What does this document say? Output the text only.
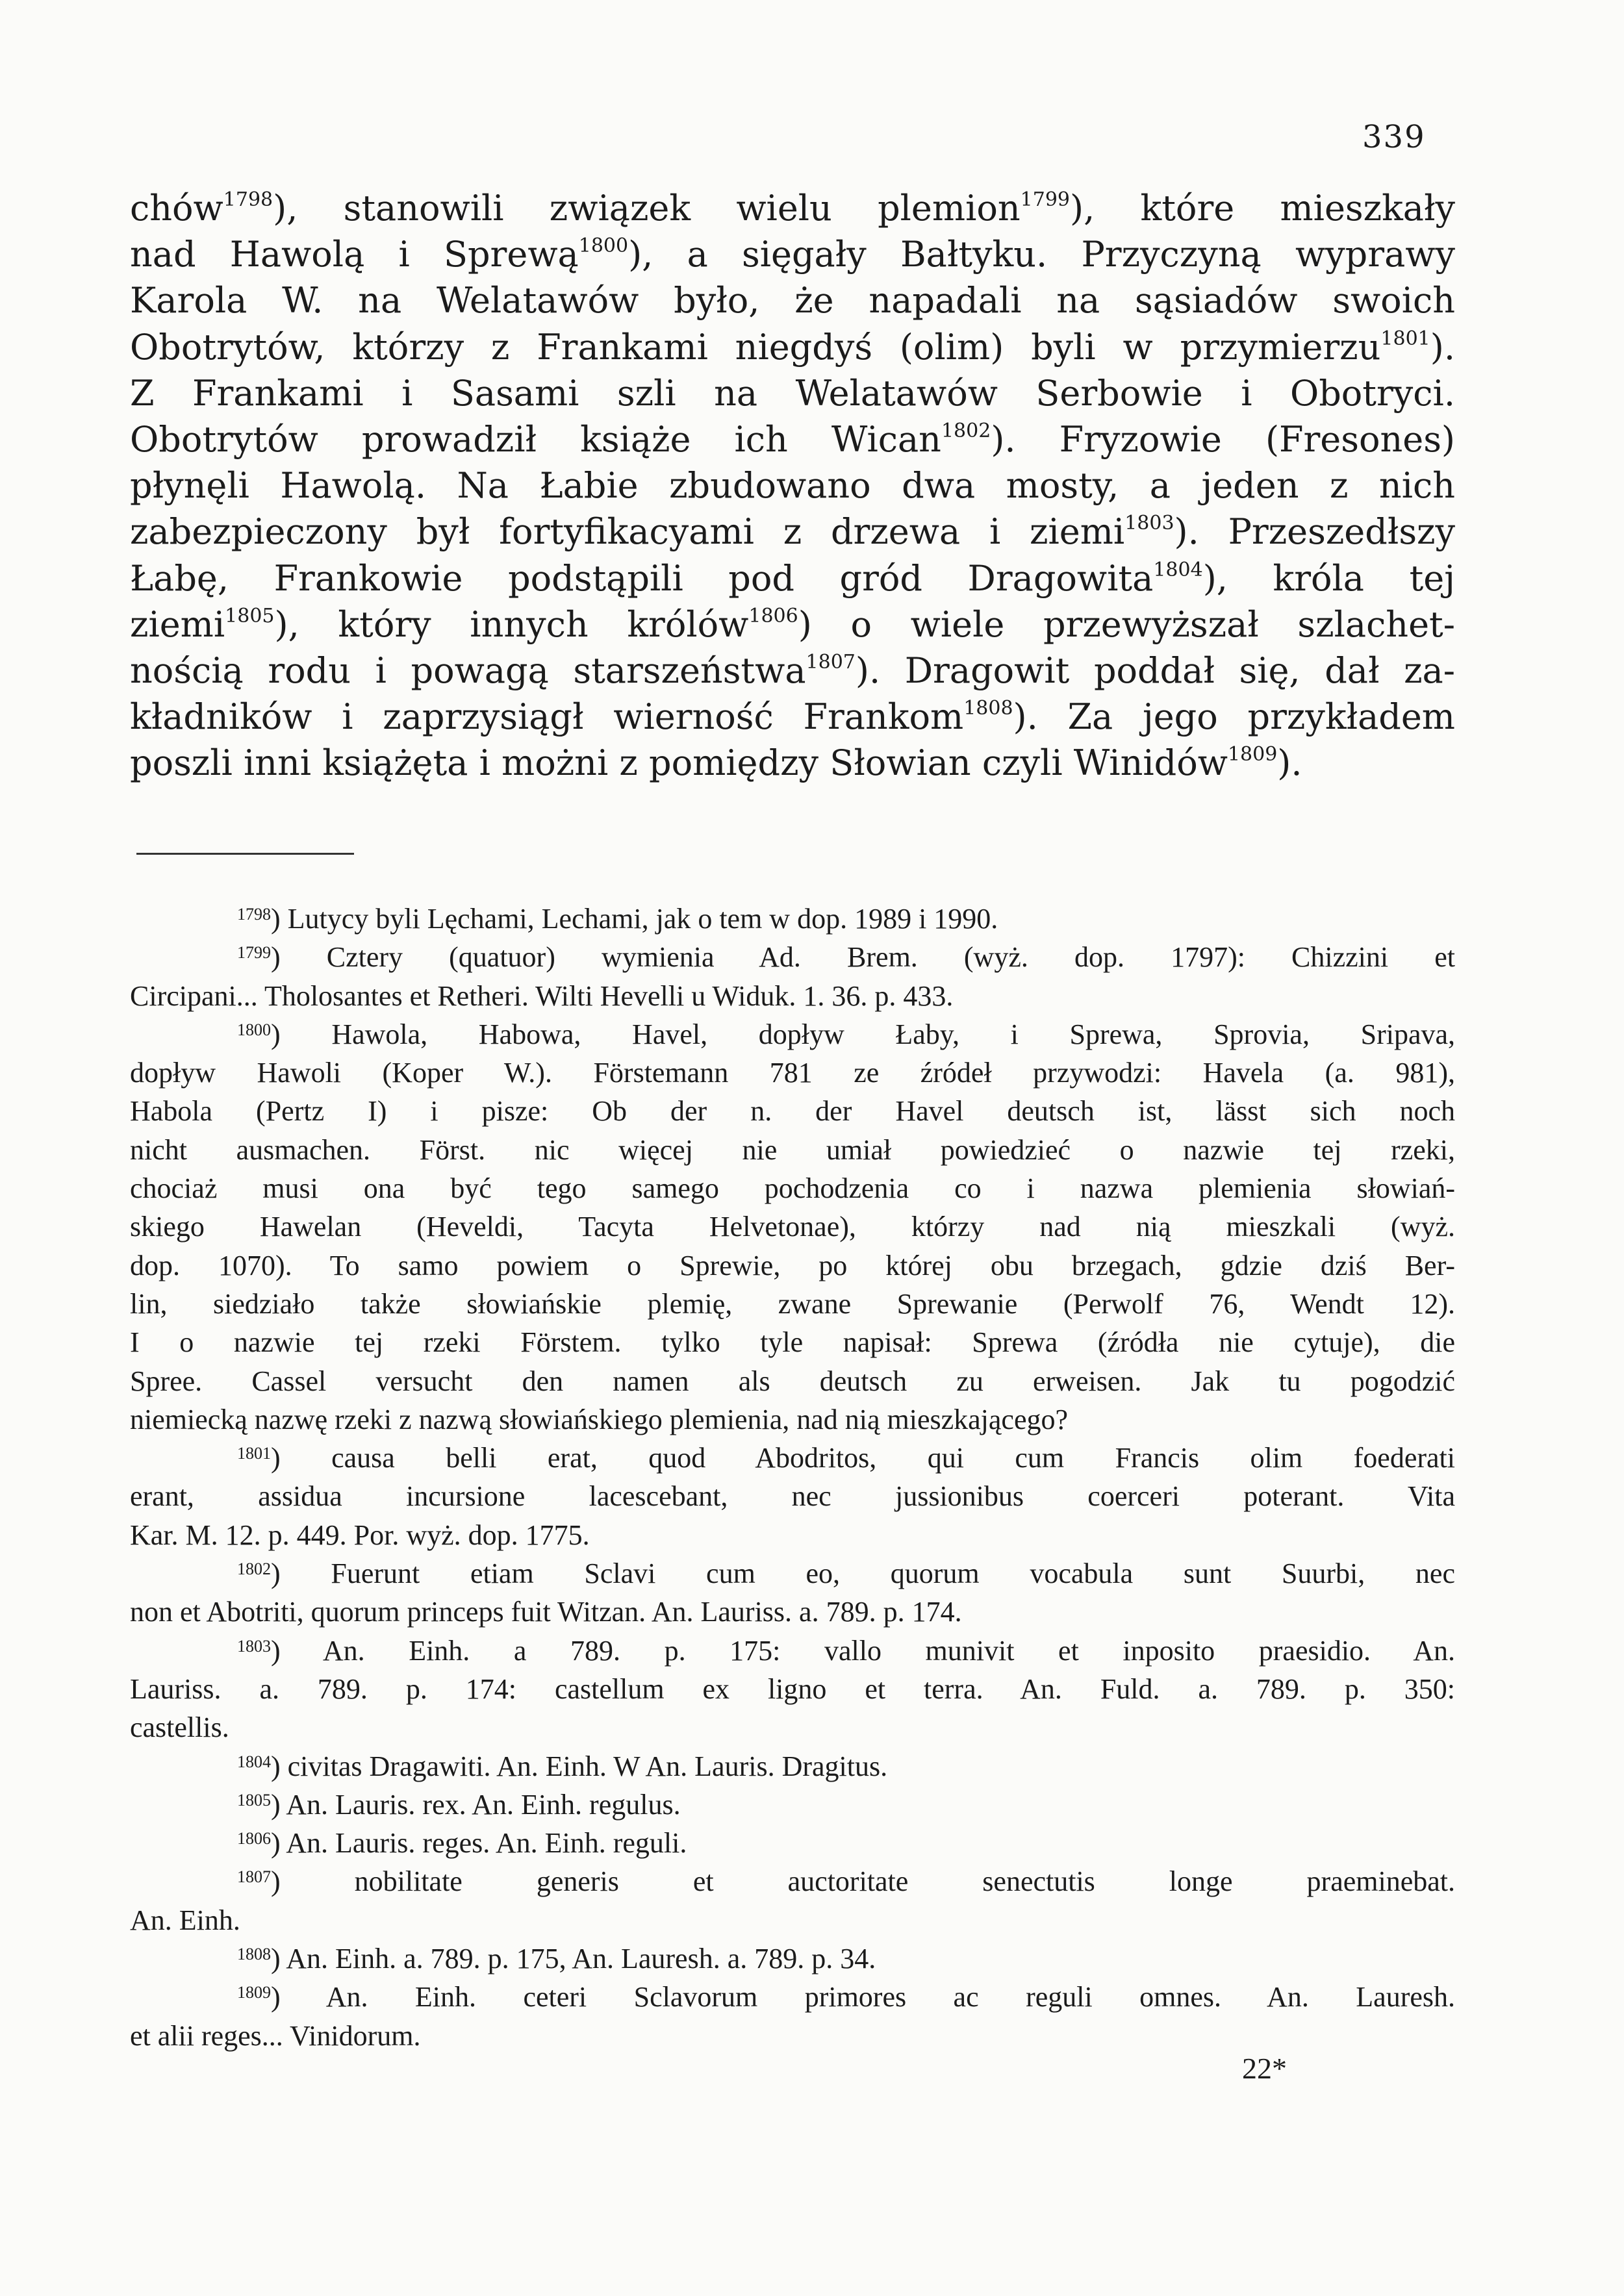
339
chów$^{1798}$), stanowili związek wielu plemion$^{1799}$), które mieszkały
nad Hawolą i Sprewą$^{1800}$), a sięgały Bałtyku. Przyczyną wyprawy
Karola W. na Welatawów było, że napadali na sąsiadów swoich
Obotrytów, którzy z Frankami niegdyś (olim) byli w przymierzu$^{1801}$).
Z Frankami i Sasami szli na Welatawów Serbowie i Obotryci.
Obotrytów prowadził książe ich Wican$^{1802}$). Fryzowie (Fresones)
płynęli Hawolą. Na Łabie zbudowano dwa mosty, a jeden z nich
zabezpieczony był fortyfikacyami z drzewa i ziemi$^{1803}$). Przeszedłszy
Łabę, Frankowie podstąpili pod gród Dragowita$^{1804}$), króla tej
ziemi$^{1805}$), który innych królów$^{1806}$) o wiele przewyższał szlachet-
nością rodu i powagą starszeństwa$^{1807}$). Dragowit poddał się, dał za-
kładników i zaprzysiągł wierność Frankom$^{1808}$). Za jego przykładem
poszli inni książęta i możni z pomiędzy Słowian czyli Winidów$^{1809}$).
$^{1798}$) Lutycy byli Lęchami, Lechami, jak o tem w dop. 1989 i 1990.
$^{1799}$) Cztery (quatuor) wymienia Ad. Brem. (wyż. dop. 1797): Chizzini et
Circipani... Tholosantes et Retheri. Wilti Hevelli u Widuk. 1. 36. p. 433.
$^{1800}$) Hawola, Habowa, Havel, dopływ Łaby, i Sprewa, Sprovia, Sripava,
dopływ Hawoli (Koper W.). Förstemann 781 ze źródeł przywodzi: Havela (a. 981),
Habola (Pertz I) i pisze: Ob der n. der Havel deutsch ist, lässt sich noch
nicht ausmachen. Först. nic więcej nie umiał powiedzieć o nazwie tej rzeki,
chociaż musi ona być tego samego pochodzenia co i nazwa plemienia słowiań-
skiego Hawelan (Heveldi, Tacyta Helvetonae), którzy nad nią mieszkali (wyż.
dop. 1070). To samo powiem o Sprewie, po której obu brzegach, gdzie dziś Ber-
lin, siedziało także słowiańskie plemię, zwane Sprewanie (Perwolf 76, Wendt 12).
I o nazwie tej rzeki Förstem. tylko tyle napisał: Sprewa (źródła nie cytuje), die
Spree. Cassel versucht den namen als deutsch zu erweisen. Jak tu pogodzić
niemiecką nazwę rzeki z nazwą słowiańskiego plemienia, nad nią mieszkającego?
$^{1801}$) causa belli erat, quod Abodritos, qui cum Francis olim foederati
erant, assidua incursione lacescebant, nec jussionibus coerceri poterant. Vita
Kar. M. 12. p. 449. Por. wyż. dop. 1775.
$^{1802}$) Fuerunt etiam Sclavi cum eo, quorum vocabula sunt Suurbi, nec
non et Abotriti, quorum princeps fuit Witzan. An. Lauriss. a. 789. p. 174.
$^{1803}$) An. Einh. a 789. p. 175: vallo munivit et inposito praesidio. An.
Lauriss. a. 789. p. 174: castellum ex ligno et terra. An. Fuld. a. 789. p. 350:
castellis.
$^{1804}$) civitas Dragawiti. An. Einh. W An. Lauris. Dragitus.
$^{1805}$) An. Lauris. rex. An. Einh. regulus.
$^{1806}$) An. Lauris. reges. An. Einh. reguli.
$^{1807}$) nobilitate generis et auctoritate senectutis longe praeminebat.
An. Einh.
$^{1808}$) An. Einh. a. 789. p. 175, An. Lauresh. a. 789. p. 34.
$^{1809}$) An. Einh. ceteri Sclavorum primores ac reguli omnes. An. Lauresh.
et alii reges... Vinidorum.
22*
